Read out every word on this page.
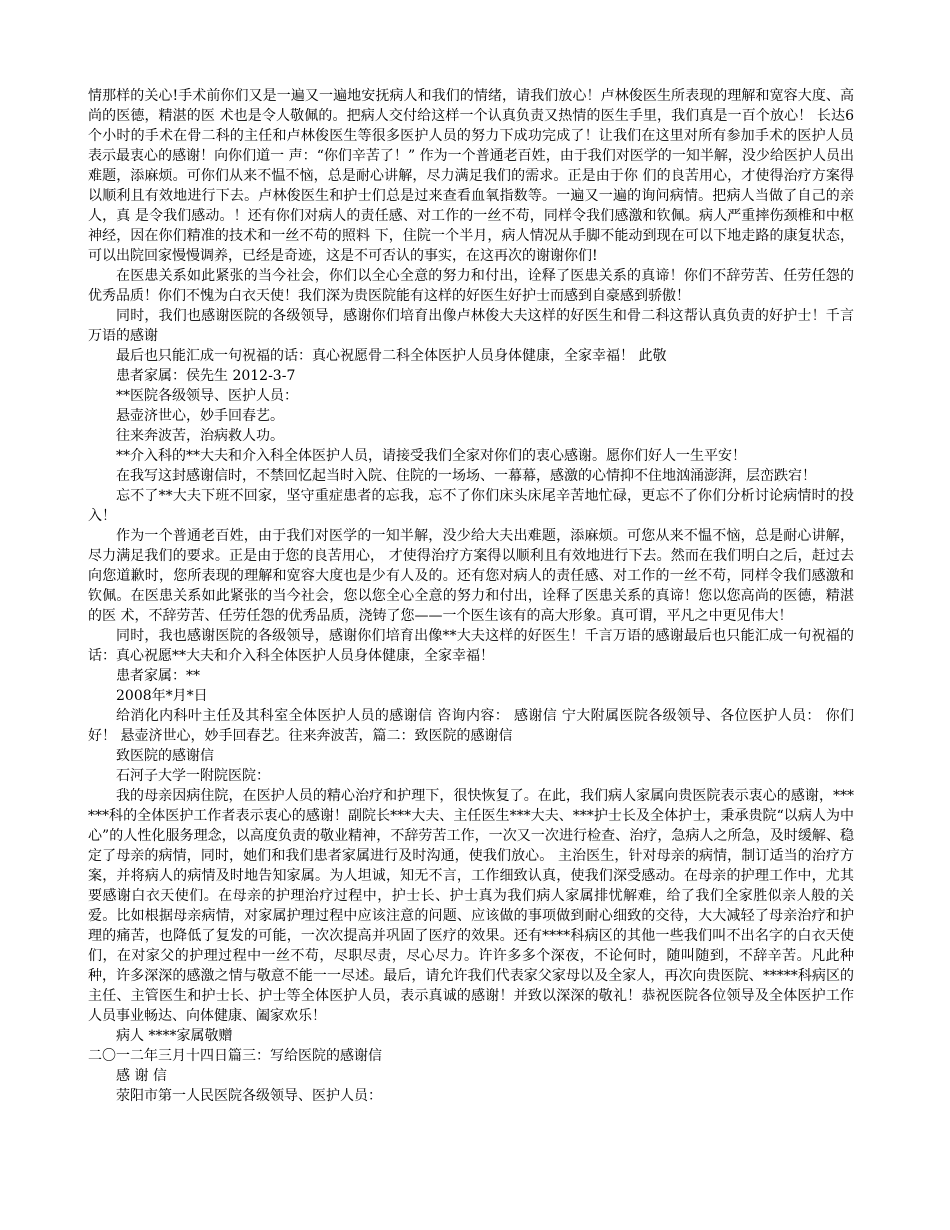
情那样的关心!手术前你们又是一遍又一遍地安抚病人和我们的情绪，请我们放心！卢林俊医生所表现的理解和宽容大度、高尚的医德，精湛的医 术也是令人敬佩的。把病人交付给这样一个认真负责又热情的医生手里，我们真是一百个放心！ 长达6个小时的手术在骨二科的主任和卢林俊医生等很多医护人员的努力下成功完成了！让我们在这里对所有参加手术的医护人员表示最衷心的感谢！向你们道一 声：“你们辛苦了！” 作为一个普通老百姓，由于我们对医学的一知半解，没少给医护人员出难题，添麻烦。可你们从来不愠不恼，总是耐心讲解，尽力满足我们的需求。正是由于你 们的良苦用心，才使得治疗方案得以顺利且有效地进行下去。卢林俊医生和护士们总是过来查看血氧指数等。一遍又一遍的询问病情。把病人当做了自己的亲人，真 是令我们感动。！还有你们对病人的责任感、对工作的一丝不苟，同样令我们感激和钦佩。病人严重摔伤颈椎和中枢神经，因在你们精准的技术和一丝不苟的照料 下，住院一个半月，病人情况从手脚不能动到现在可以下地走路的康复状态，可以出院回家慢慢调养，已经是奇迹，这是不可否认的事实，在这再次的谢谢你们!

在医患关系如此紧张的当今社会，你们以全心全意的努力和付出，诠释了医患关系的真谛！你们不辞劳苦、任劳任怨的优秀品质！你们不愧为白衣天使！我们深为贵医院能有这样的好医生好护士而感到自豪感到骄傲！

同时，我们也感谢医院的各级领导，感谢你们培育出像卢林俊大夫这样的好医生和骨二科这帮认真负责的好护士！千言万语的感谢

最后也只能汇成一句祝福的话：真心祝愿骨二科全体医护人员身体健康，全家幸福！ 此敬

患者家属：侯先生 2012-3-7

**医院各级领导、医护人员：

悬壶济世心，妙手回春艺。

往来奔波苦，治病救人功。

**介入科的**大夫和介入科全体医护人员，请接受我们全家对你们的衷心感谢。愿你们好人一生平安！

在我写这封感谢信时，不禁回忆起当时入院、住院的一场场、一幕幕，感激的心情抑不住地汹涌澎湃，层峦跌宕！

忘不了**大夫下班不回家，坚守重症患者的忘我，忘不了你们床头床尾辛苦地忙碌，更忘不了你们分析讨论病情时的投入！

作为一个普通老百姓，由于我们对医学的一知半解，没少给大夫出难题，添麻烦。可您从来不愠不恼，总是耐心讲解，尽力满足我们的要求。正是由于您的良苦用心， 才使得治疗方案得以顺利且有效地进行下去。然而在我们明白之后，赶过去向您道歉时，您所表现的理解和宽容大度也是少有人及的。还有您对病人的责任感、对工作的一丝不苟，同样令我们感激和钦佩。在医患关系如此紧张的当今社会，您以您全心全意的努力和付出，诠释了医患关系的真谛！您以您高尚的医德，精湛的医 术，不辞劳苦、任劳任怨的优秀品质，浇铸了您——一个医生该有的高大形象。真可谓，平凡之中更见伟大！

同时，我也感谢医院的各级领导，感谢你们培育出像**大夫这样的好医生！千言万语的感谢最后也只能汇成一句祝福的话：真心祝愿**大夫和介入科全体医护人员身体健康，全家幸福！

患者家属：**

2008年*月*日

给消化内科叶主任及其科室全体医护人员的感谢信 咨询内容： 感谢信 宁大附属医院各级领导、各位医护人员： 你们好！ 悬壶济世心，妙手回春艺。往来奔波苦，篇二：致医院的感谢信

致医院的感谢信

石河子大学一附院医院：

我的母亲因病住院，在医护人员的精心治疗和护理下，很快恢复了。在此，我们病人家属向贵医院表示衷心的感谢，******科的全体医护工作者表示衷心的感谢！副院长***大夫、主任医生***大夫、***护士长及全体护士，秉承贵院“以病人为中心”的人性化服务理念，以高度负责的敬业精神，不辞劳苦工作，一次又一次进行检查、治疗，急病人之所急，及时缓解、稳定了母亲的病情，同时，她们和我们患者家属进行及时沟通，使我们放心。 主治医生，针对母亲的病情，制订适当的治疗方案，并将病人的病情及时地告知家属。为人坦诚，知无不言，工作细致认真，使我们深受感动。在母亲的护理工作中，尤其要感谢白衣天使们。在母亲的护理治疗过程中，护士长、护士真为我们病人家属排忧解难，给了我们全家胜似亲人般的关爱。比如根据母亲病情，对家属护理过程中应该注意的问题、应该做的事项做到耐心细致的交待，大大减轻了母亲治疗和护理的痛苦，也降低了复发的可能，一次次提高并巩固了医疗的效果。还有****科病区的其他一些我们叫不出名字的白衣天使们，在对家父的护理过程中一丝不苟，尽职尽责，尽心尽力。许许多多个深夜，不论何时，随叫随到，不辞辛苦。凡此种种，许多深深的感激之情与敬意不能一一尽述。最后，请允许我们代表家父家母以及全家人，再次向贵医院、*****科病区的主任、主管医生和护士长、护士等全体医护人员，表示真诚的感谢！并致以深深的敬礼！恭祝医院各位领导及全体医护工作人员事业畅达、向体健康、阖家欢乐！

病人 ****家属敬赠

二〇一二年三月十四日篇三：写给医院的感谢信

感 谢 信

荥阳市第一人民医院各级领导、医护人员：
